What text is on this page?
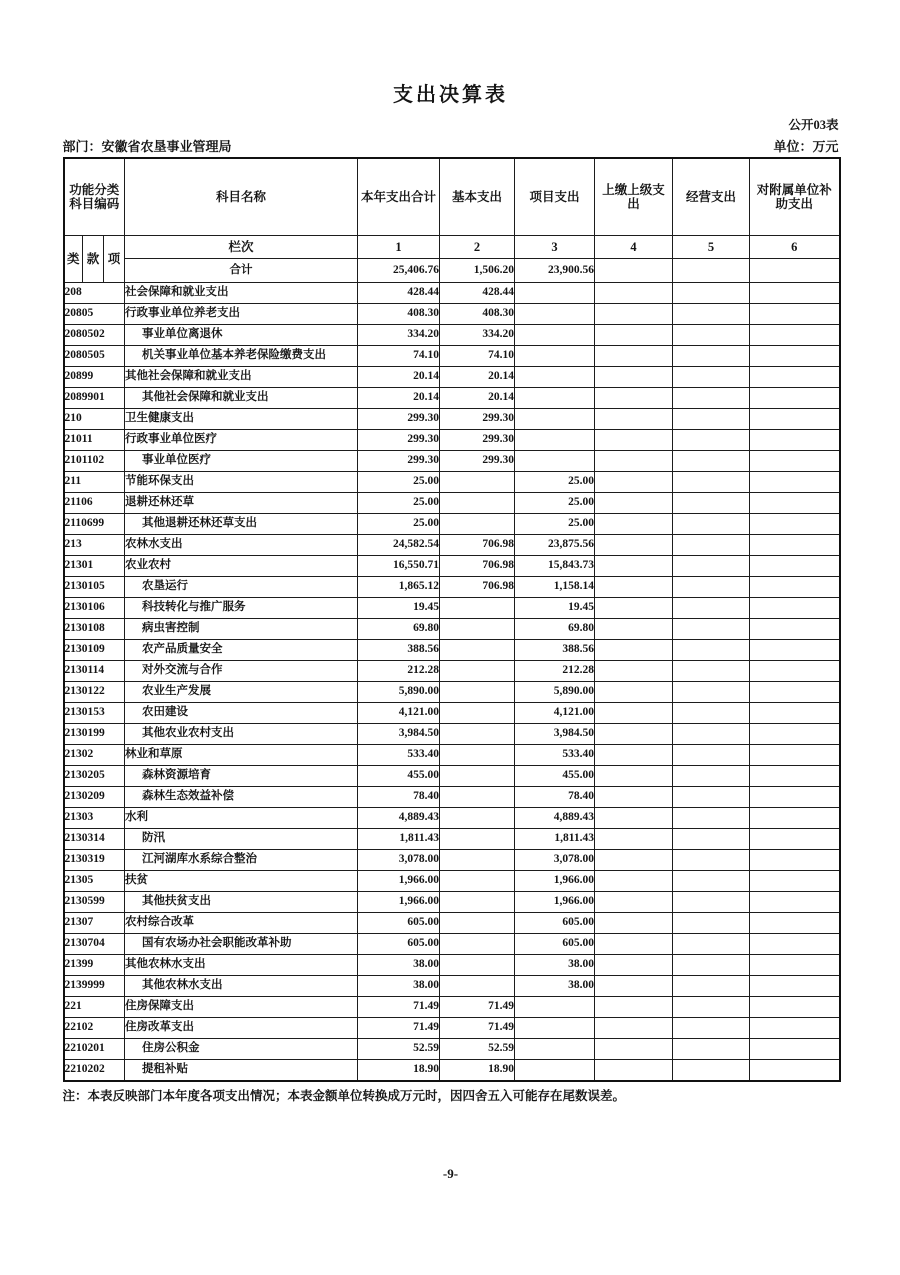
支出决算表
公开03表
部门：安徽省农垦事业管理局	单位：万元
功能分类科目编码			科目名称	本年支出合计	基本支出	项目支出	上缴上级支出	经营支出	对附属单位补助支出
类	款	项	栏次	1	2	3	4	5	6
			合计	25,406.76	1,506.20	23,900.56			
208			社会保障和就业支出	428.44	428.44				
20805			行政事业单位养老支出	408.30	408.30				
2080502			事业单位离退休	334.20	334.20				
2080505			机关事业单位基本养老保险缴费支出	74.10	74.10				
20899			其他社会保障和就业支出	20.14	20.14				
2089901			其他社会保障和就业支出	20.14	20.14				
210			卫生健康支出	299.30	299.30				
21011			行政事业单位医疗	299.30	299.30				
2101102			事业单位医疗	299.30	299.30				
211			节能环保支出	25.00		25.00			
21106			退耕还林还草	25.00		25.00			
2110699			其他退耕还林还草支出	25.00		25.00			
213			农林水支出	24,582.54	706.98	23,875.56			
21301			农业农村	16,550.71	706.98	15,843.73			
2130105			农垦运行	1,865.12	706.98	1,158.14			
2130106			科技转化与推广服务	19.45		19.45			
2130108			病虫害控制	69.80		69.80			
2130109			农产品质量安全	388.56		388.56			
2130114			对外交流与合作	212.28		212.28			
2130122			农业生产发展	5,890.00		5,890.00			
2130153			农田建设	4,121.00		4,121.00			
2130199			其他农业农村支出	3,984.50		3,984.50			
21302			林业和草原	533.40		533.40			
2130205			森林资源培育	455.00		455.00			
2130209			森林生态效益补偿	78.40		78.40			
21303			水利	4,889.43		4,889.43			
2130314			防汛	1,811.43		1,811.43			
2130319			江河湖库水系综合整治	3,078.00		3,078.00			
21305			扶贫	1,966.00		1,966.00			
2130599			其他扶贫支出	1,966.00		1,966.00			
21307			农村综合改革	605.00		605.00			
2130704			国有农场办社会职能改革补助	605.00		605.00			
21399			其他农林水支出	38.00		38.00			
2139999			其他农林水支出	38.00		38.00			
221			住房保障支出	71.49	71.49				
22102			住房改革支出	71.49	71.49				
2210201			住房公积金	52.59	52.59				
2210202			提租补贴	18.90	18.90				
注：本表反映部门本年度各项支出情况；本表金额单位转换成万元时，因四舍五入可能存在尾数误差。
-9-
